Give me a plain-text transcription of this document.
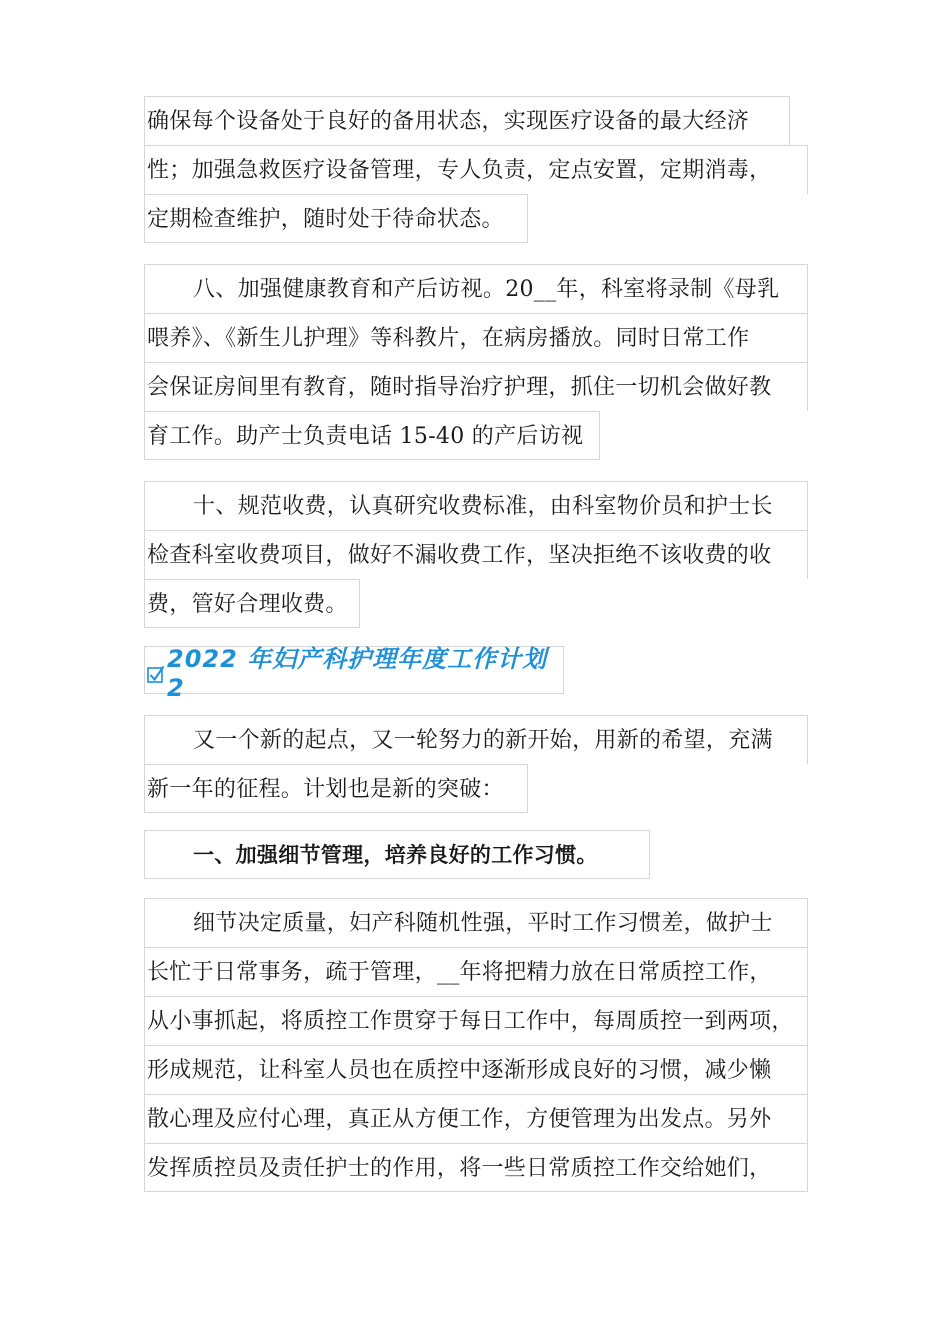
确保每个设备处于良好的备用状态，实现医疗设备的最大经济
性；加强急救医疗设备管理，专人负责，定点安置，定期消毒，
定期检查维护，随时处于待命状态。
八、加强健康教育和产后访视。20__年，科室将录制《母乳
喂养》、《新生儿护理》等科教片，在病房播放。同时日常工作
会保证房间里有教育，随时指导治疗护理，抓住一切机会做好教
育工作。助产士负责电话 15-40 的产后访视
十、规范收费，认真研究收费标准，由科室物价员和护士长
检查科室收费项目，做好不漏收费工作，坚决拒绝不该收费的收
费，管好合理收费。
2022 年妇产科护理年度工作计划 2
又一个新的起点，又一轮努力的新开始，用新的希望，充满
新一年的征程。计划也是新的突破：
一、加强细节管理，培养良好的工作习惯。
细节决定质量，妇产科随机性强，平时工作习惯差，做护士
长忙于日常事务，疏于管理，__年将把精力放在日常质控工作，
从小事抓起，将质控工作贯穿于每日工作中，每周质控一到两项，
形成规范，让科室人员也在质控中逐渐形成良好的习惯，减少懒
散心理及应付心理，真正从方便工作，方便管理为出发点。另外
发挥质控员及责任护士的作用，将一些日常质控工作交给她们，
